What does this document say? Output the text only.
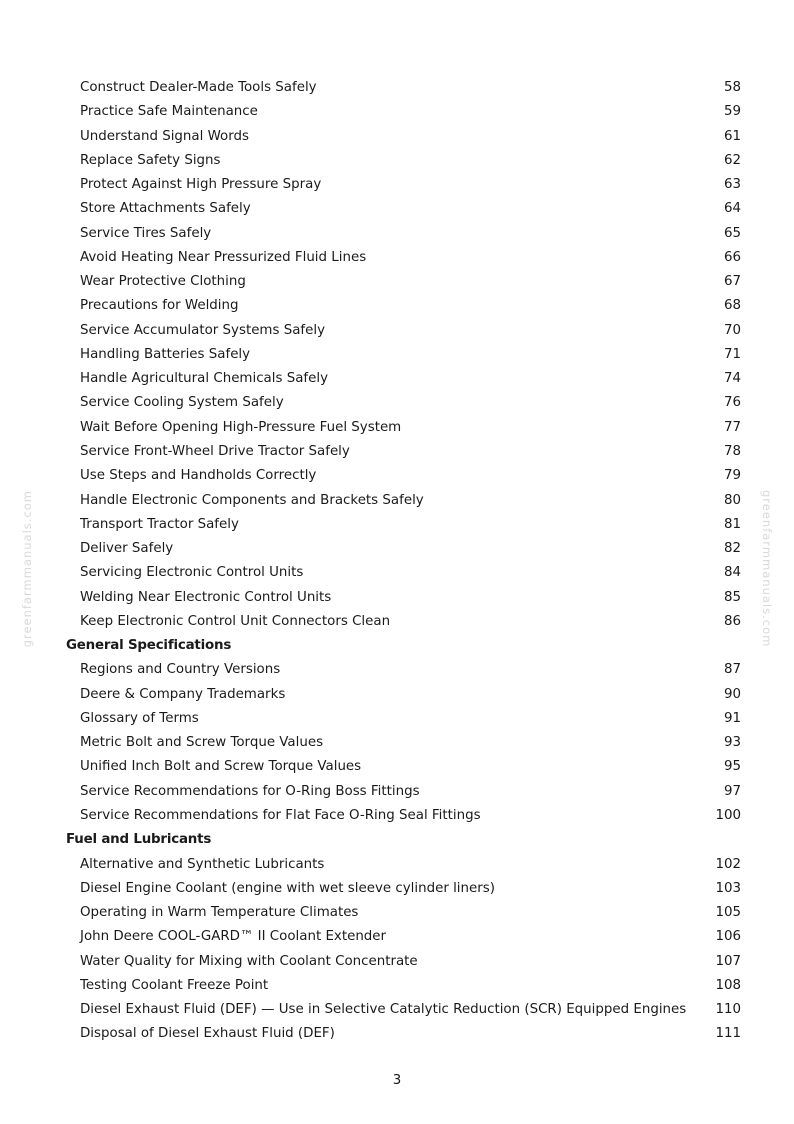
Construct Dealer-Made Tools Safely	58
Practice Safe Maintenance	59
Understand Signal Words	61
Replace Safety Signs	62
Protect Against High Pressure Spray	63
Store Attachments Safely	64
Service Tires Safely	65
Avoid Heating Near Pressurized Fluid Lines	66
Wear Protective Clothing	67
Precautions for Welding	68
Service Accumulator Systems Safely	70
Handling Batteries Safely	71
Handle Agricultural Chemicals Safely	74
Service Cooling System Safely	76
Wait Before Opening High-Pressure Fuel System	77
Service Front-Wheel Drive Tractor Safely	78
Use Steps and Handholds Correctly	79
Handle Electronic Components and Brackets Safely	80
Transport Tractor Safely	81
Deliver Safely	82
Servicing Electronic Control Units	84
Welding Near Electronic Control Units	85
Keep Electronic Control Unit Connectors Clean	86
General Specifications
Regions and Country Versions	87
Deere & Company Trademarks	90
Glossary of Terms	91
Metric Bolt and Screw Torque Values	93
Unified Inch Bolt and Screw Torque Values	95
Service Recommendations for O-Ring Boss Fittings	97
Service Recommendations for Flat Face O-Ring Seal Fittings	100
Fuel and Lubricants
Alternative and Synthetic Lubricants	102
Diesel Engine Coolant (engine with wet sleeve cylinder liners)	103
Operating in Warm Temperature Climates	105
John Deere COOL-GARD™ II Coolant Extender	106
Water Quality for Mixing with Coolant Concentrate	107
Testing Coolant Freeze Point	108
Diesel Exhaust Fluid (DEF) — Use in Selective Catalytic Reduction (SCR) Equipped Engines 110
Disposal of Diesel Exhaust Fluid (DEF)	111
greenfarmmanuals.com	greenfarmmanuals.com
3
